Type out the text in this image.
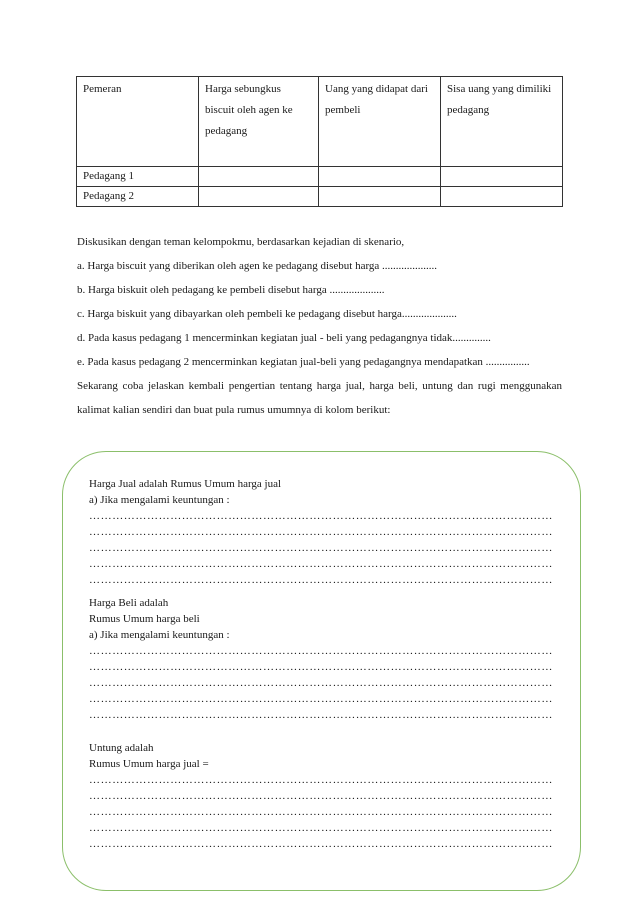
Pemeran	Harga sebungkus biscuit oleh agen ke pedagang	Uang yang didapat dari pembeli	Sisa uang yang dimiliki pedagang
Pedagang 1			
Pedagang 2			

Diskusikan dengan teman kelompokmu, berdasarkan kejadian di skenario,

a. Harga biscuit yang diberikan oleh agen ke pedagang disebut harga ....................

b. Harga biskuit oleh pedagang ke pembeli disebut harga ....................

c. Harga biskuit yang dibayarkan oleh pembeli ke pedagang disebut harga....................

d. Pada kasus pedagang 1 mencerminkan kegiatan jual - beli yang pedagangnya tidak..............

e. Pada kasus pedagang 2 mencerminkan kegiatan jual-beli yang pedagangnya mendapatkan ................

Sekarang coba jelaskan kembali pengertian tentang harga jual, harga beli, untung dan rugi menggunakan kalimat kalian sendiri dan buat pula rumus umumnya di kolom berikut:

Harga Jual adalah Rumus Umum harga jual
a) Jika mengalami keuntungan :
…………………………………………………………………………………………………………
…………………………………………………………………………………………………………
…………………………………………………………………………………………………………
…………………………………………………………………………………………………………
…………………………………………………………………………………………………………
Harga Beli adalah
Rumus Umum harga beli
a) Jika mengalami keuntungan :
…………………………………………………………………………………………………………
…………………………………………………………………………………………………………
…………………………………………………………………………………………………………
…………………………………………………………………………………………………………
…………………………………………………………………………………………………………
Untung adalah
Rumus Umum harga jual =
…………………………………………………………………………………………………………
…………………………………………………………………………………………………………
…………………………………………………………………………………………………………
…………………………………………………………………………………………………………
…………………………………………………………………………………………………………
